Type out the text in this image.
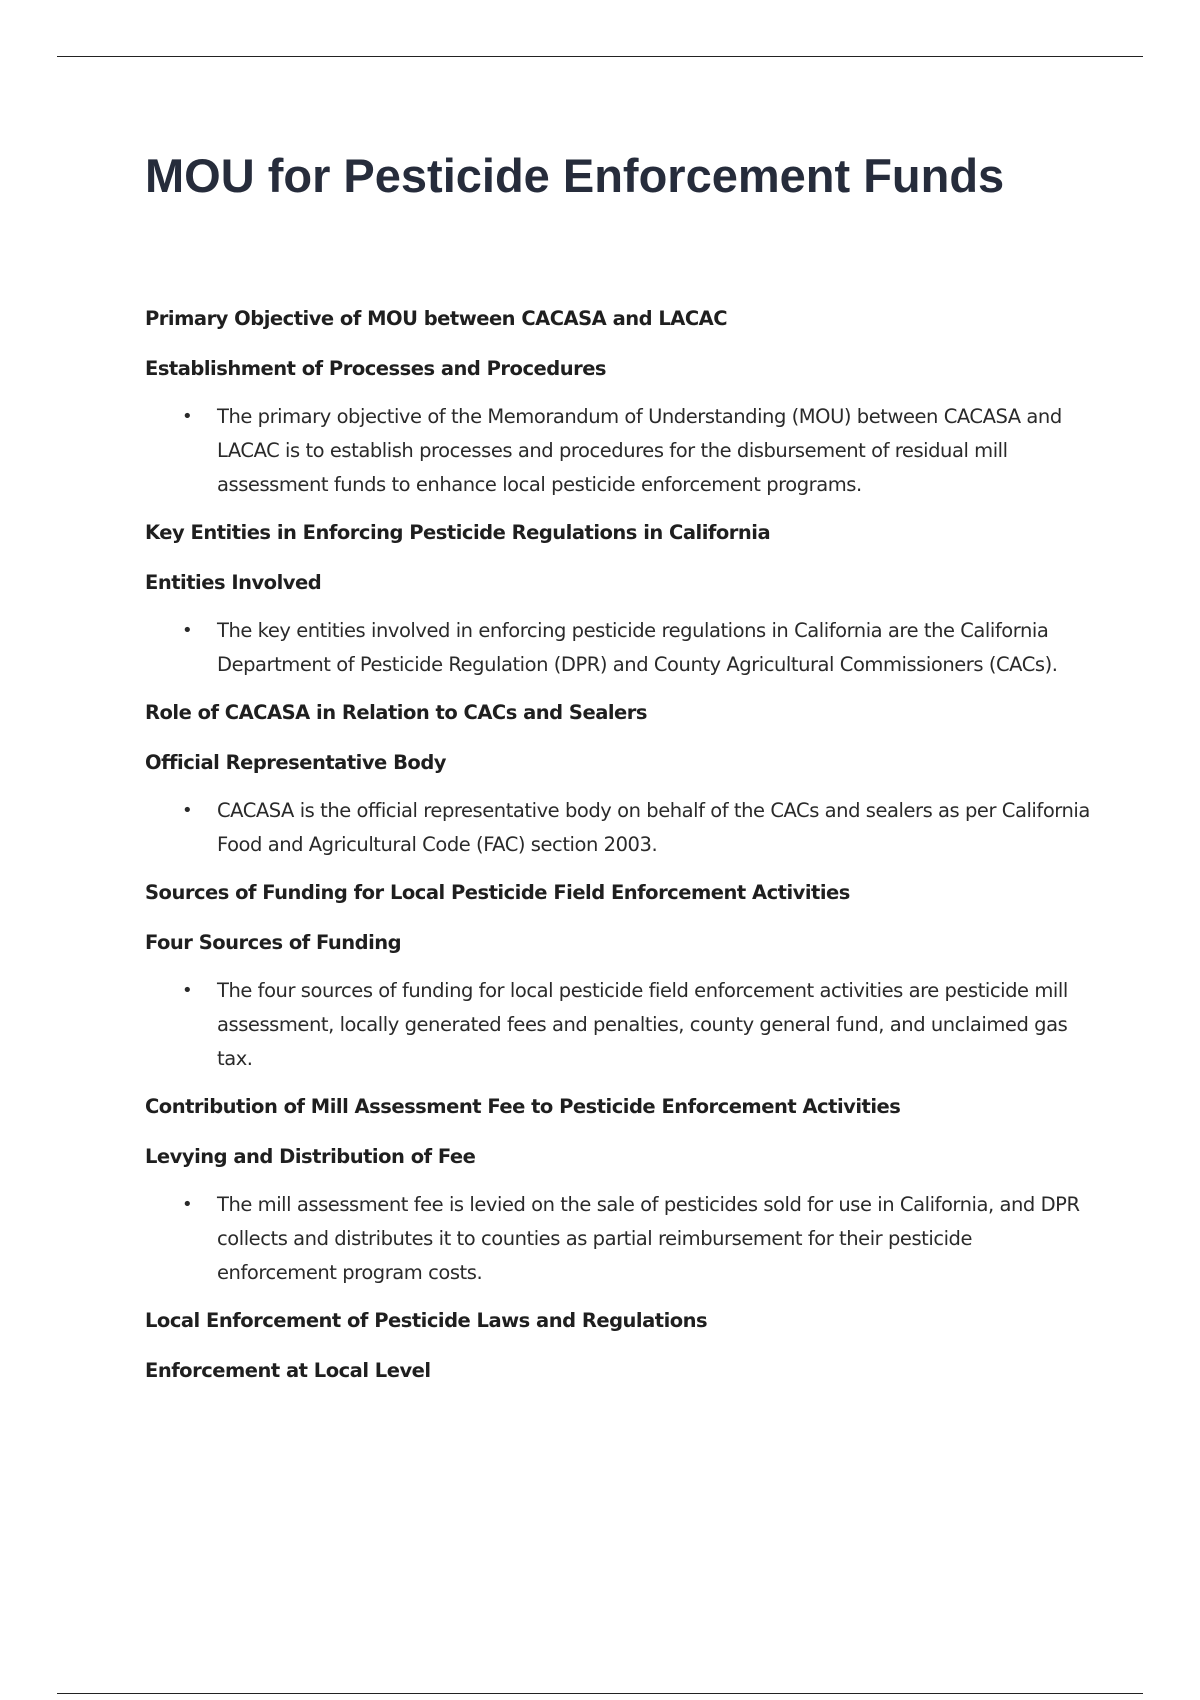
MOU for Pesticide Enforcement Funds
Primary Objective of MOU between CACASA and LACAC
Establishment of Processes and Procedures
• The primary objective of the Memorandum of Understanding (MOU) between CACASA and LACAC is to establish processes and procedures for the disbursement of residual mill assessment funds to enhance local pesticide enforcement programs.
Key Entities in Enforcing Pesticide Regulations in California
Entities Involved
• The key entities involved in enforcing pesticide regulations in California are the California Department of Pesticide Regulation (DPR) and County Agricultural Commissioners (CACs).
Role of CACASA in Relation to CACs and Sealers
Official Representative Body
• CACASA is the official representative body on behalf of the CACs and sealers as per California Food and Agricultural Code (FAC) section 2003.
Sources of Funding for Local Pesticide Field Enforcement Activities
Four Sources of Funding
• The four sources of funding for local pesticide field enforcement activities are pesticide mill assessment, locally generated fees and penalties, county general fund, and unclaimed gas tax.
Contribution of Mill Assessment Fee to Pesticide Enforcement Activities
Levying and Distribution of Fee
• The mill assessment fee is levied on the sale of pesticides sold for use in California, and DPR collects and distributes it to counties as partial reimbursement for their pesticide enforcement program costs.
Local Enforcement of Pesticide Laws and Regulations
Enforcement at Local Level
